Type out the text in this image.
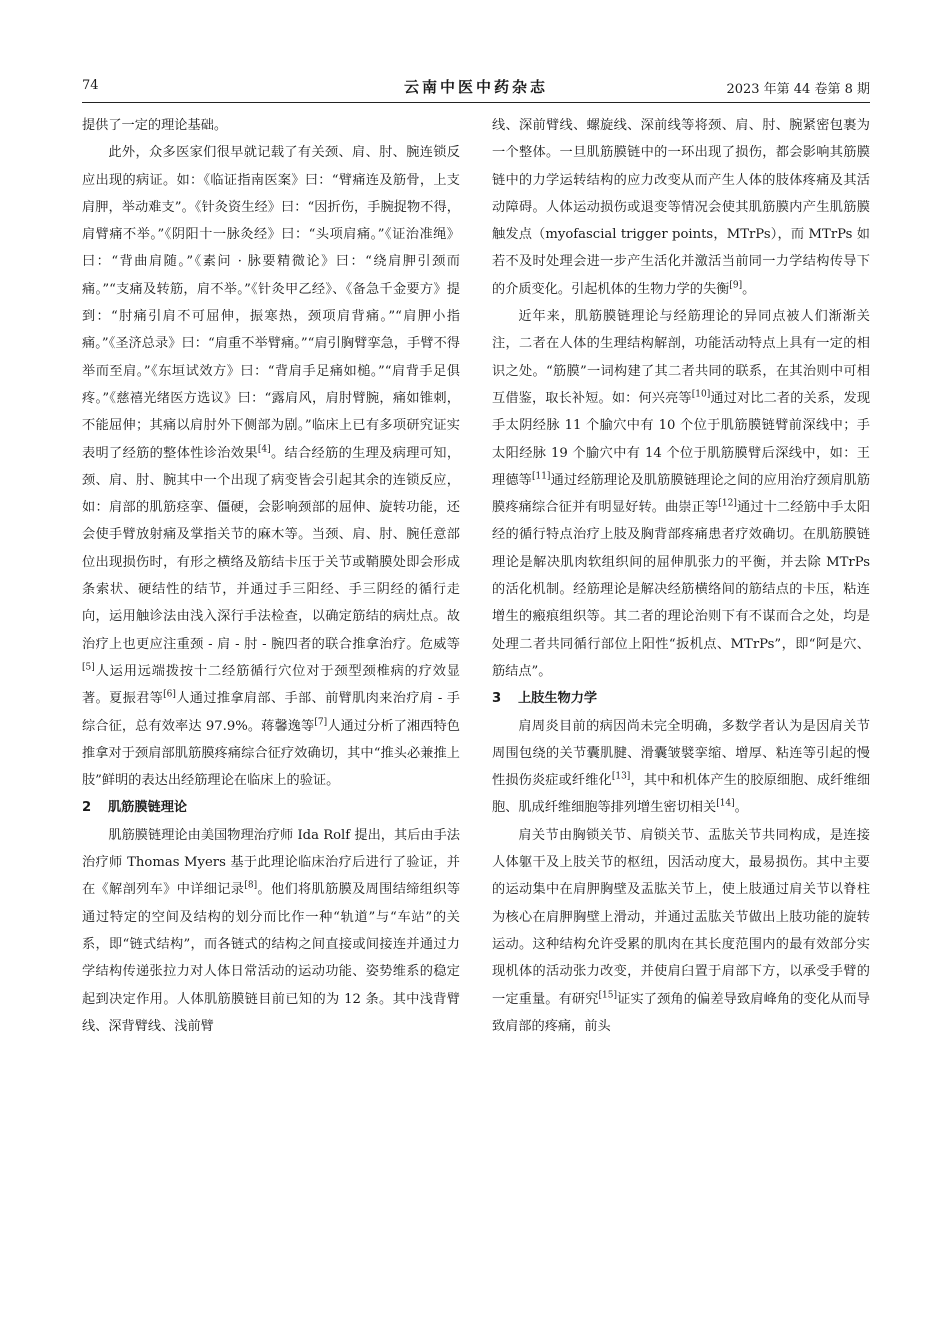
74	云南中医中药杂志	2023 年第 44 卷第 8 期

提供了一定的理论基础。

此外，众多医家们很早就记载了有关颈、肩、肘、腕连锁反应出现的病证。如：《临证指南医案》曰：“臂痛连及筋骨，上支肩胛，举动难支”。《针灸资生经》曰：“因折伤，手腕捉物不得，肩臂痛不举。”《阴阳十一脉灸经》曰：“头项肩痛。”《证治准绳》曰：“背曲肩随。”《素问 · 脉要精微论》曰：“绕肩胛引颈而痛。”“支痛及转筋，肩不举。”《针灸甲乙经》、《备急千金要方》提到：“肘痛引肩不可屈伸，振寒热，颈项肩背痛。”“肩胛小指痛。”《圣济总录》曰：“肩重不举臂痛。”“肩引胸臂挛急，手臂不得举而至肩。”《东垣试效方》曰：“背肩手足痛如槌。”“肩背手足俱疼。”《慈禧光绪医方选议》曰：“露肩风，肩肘臂腕，痛如锥刺，不能屈伸；其痛以肩肘外下侧部为剧。”临床上已有多项研究证实表明了经筋的整体性诊治效果[4]。结合经筋的生理及病理可知，颈、肩、肘、腕其中一个出现了病变皆会引起其余的连锁反应，如：肩部的肌筋痉挛、僵硬，会影响颈部的屈伸、旋转功能，还会使手臂放射痛及掌指关节的麻木等。当颈、肩、肘、腕任意部位出现损伤时，有形之横络及筋结卡压于关节或鞘膜处即会形成条索状、硬结性的结节，并通过手三阳经、手三阴经的循行走向，运用触诊法由浅入深行手法检查，以确定筋结的病灶点。故治疗上也更应注重颈 - 肩 - 肘 - 腕四者的联合推拿治疗。危威等[5]人运用远端拨按十二经筋循行穴位对于颈型颈椎病的疗效显著。夏振君等[6]人通过推拿肩部、手部、前臂肌肉来治疗肩 - 手综合征，总有效率达 97.9%。蒋馨逸等[7]人通过分析了湘西特色推拿对于颈肩部肌筋膜疼痛综合征疗效确切，其中“推头必兼推上肢”鲜明的表达出经筋理论在临床上的验证。

2 肌筋膜链理论

肌筋膜链理论由美国物理治疗师 Ida Rolf 提出，其后由手法治疗师 Thomas Myers 基于此理论临床治疗后进行了验证，并在《解剖列车》中详细记录[8]。他们将肌筋膜及周围结缔组织等通过特定的空间及结构的划分而比作一种“轨道”与“车站”的关系，即“链式结构”，而各链式的结构之间直接或间接连并通过力学结构传递张拉力对人体日常活动的运动功能、姿势维系的稳定起到决定作用。人体肌筋膜链目前已知的为 12 条。其中浅背臂线、深背臂线、浅前臂

线、深前臂线、螺旋线、深前线等将颈、肩、肘、腕紧密包裹为一个整体。一旦肌筋膜链中的一环出现了损伤，都会影响其筋膜链中的力学运转结构的应力改变从而产生人体的肢体疼痛及其活动障碍。人体运动损伤或退变等情况会使其肌筋膜内产生肌筋膜触发点（myofascial trigger points，MTrPs），而 MTrPs 如若不及时处理会进一步产生活化并激活当前同一力学结构传导下的介质变化。引起机体的生物力学的失衡[9]。

近年来，肌筋膜链理论与经筋理论的异同点被人们渐渐关注，二者在人体的生理结构解剖，功能活动特点上具有一定的相识之处。“筋膜”一词构建了其二者共同的联系，在其治则中可相互借鉴，取长补短。如：何兴亮等[10]通过对比二者的关系，发现手太阴经脉 11 个腧穴中有 10 个位于肌筋膜链臂前深线中；手太阳经脉 19 个腧穴中有 14 个位于肌筋膜臂后深线中，如：王理德等[11]通过经筋理论及肌筋膜链理论之间的应用治疗颈肩肌筋膜疼痛综合征并有明显好转。曲崇正等[12]通过十二经筋中手太阳经的循行特点治疗上肢及胸背部疼痛患者疗效确切。在肌筋膜链理论是解决肌肉软组织间的屈伸肌张力的平衡，并去除 MTrPs 的活化机制。经筋理论是解决经筋横络间的筋结点的卡压，粘连增生的瘢痕组织等。其二者的理论治则下有不谋而合之处，均是处理二者共同循行部位上阳性“扳机点、MTrPs”，即“阿是穴、筋结点”。

3 上肢生物力学

肩周炎目前的病因尚未完全明确，多数学者认为是因肩关节周围包绕的关节囊肌腱、滑囊皱襞挛缩、增厚、粘连等引起的慢性损伤炎症或纤维化[13]，其中和机体产生的胶原细胞、成纤维细胞、肌成纤维细胞等排列增生密切相关[14]。

肩关节由胸锁关节、肩锁关节、盂肱关节共同构成，是连接人体躯干及上肢关节的枢纽，因活动度大，最易损伤。其中主要的运动集中在肩胛胸壁及盂肱关节上，使上肢通过肩关节以脊柱为核心在肩胛胸壁上滑动，并通过盂肱关节做出上肢功能的旋转运动。这种结构允许受累的肌肉在其长度范围内的最有效部分实现机体的活动张力改变，并使肩臼置于肩部下方，以承受手臂的一定重量。有研究[15]证实了颈角的偏差导致肩峰角的变化从而导致肩部的疼痛，前头
